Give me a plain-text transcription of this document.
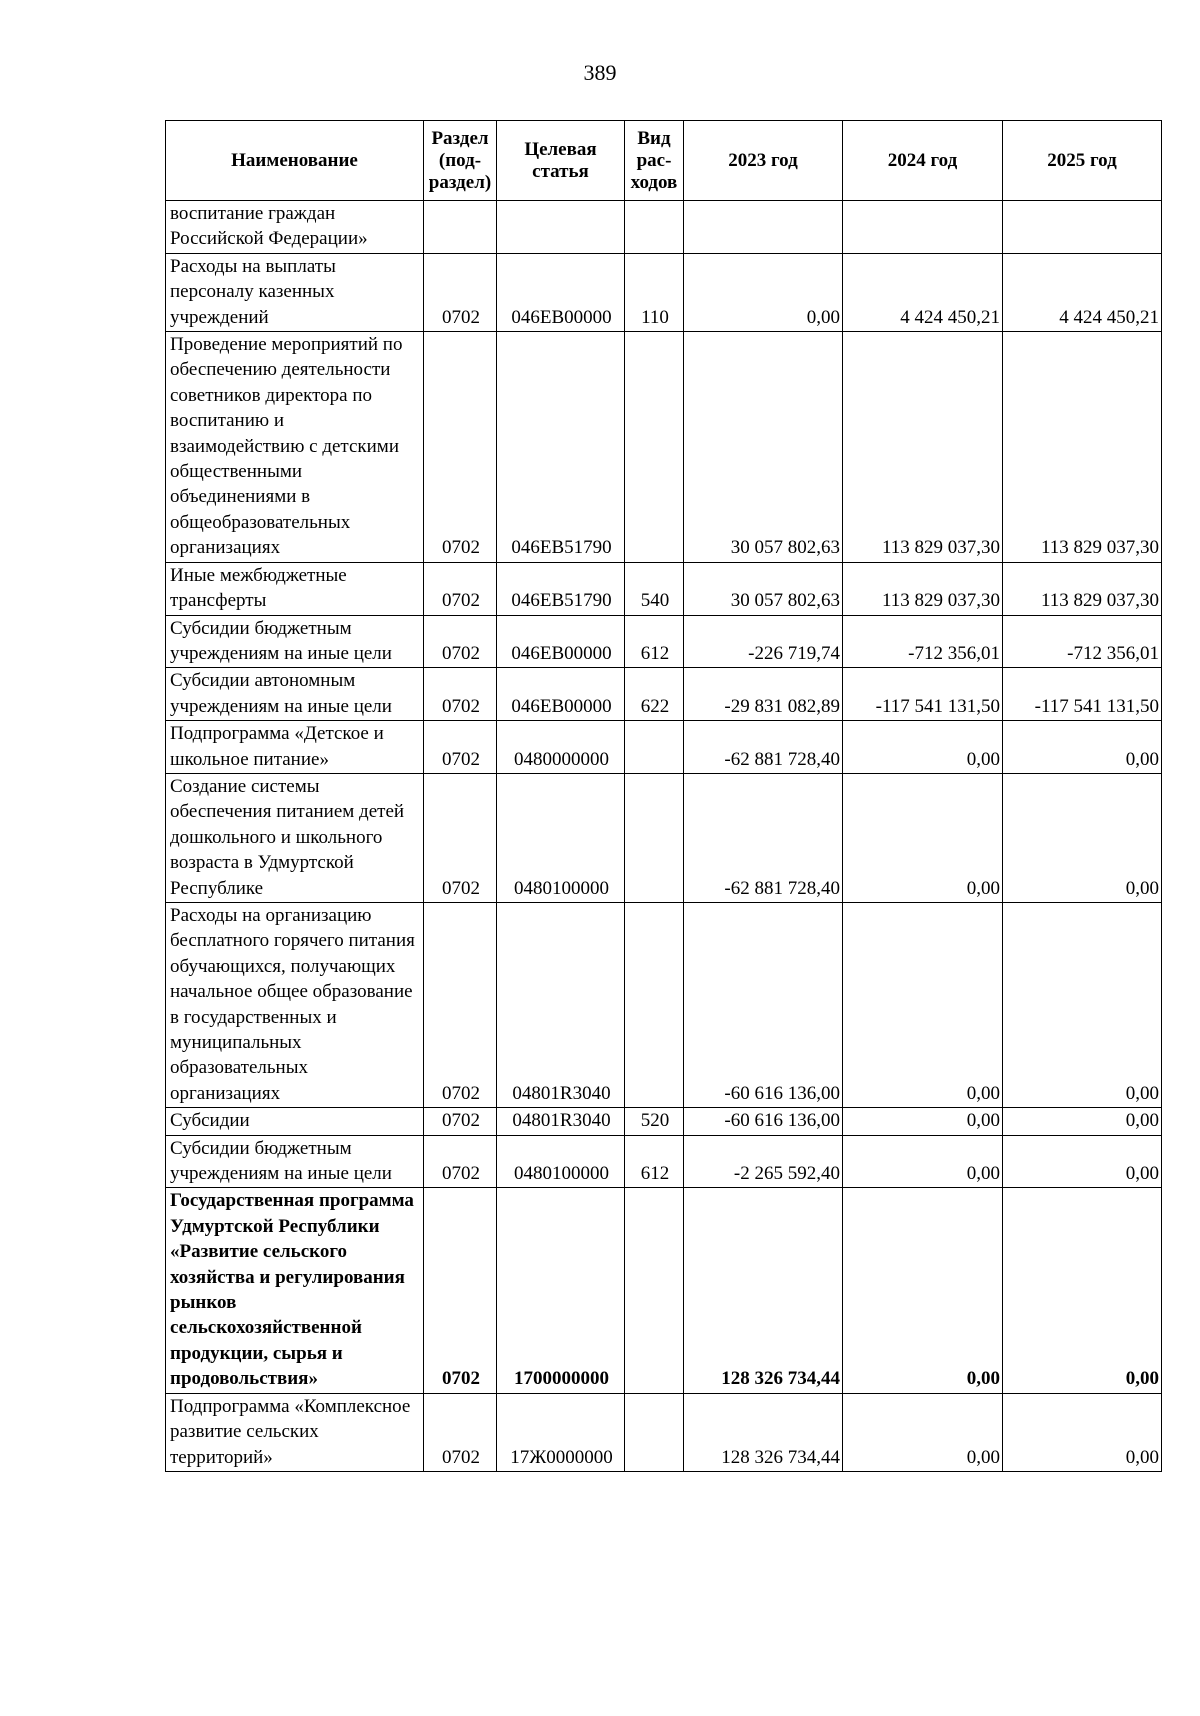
389
Наименование	Раздел (под-раздел)	Целевая статья	Вид рас-ходов	2023 год	2024 год	2025 год
воспитание граждан Российской Федерации»						
Расходы на выплаты персоналу казенных учреждений	0702	046EB00000	110	0,00	4 424 450,21	4 424 450,21
Проведение мероприятий по обеспечению деятельности советников директора по воспитанию и взаимодействию с детскими общественными объединениями в общеобразовательных организациях	0702	046EB51790		30 057 802,63	113 829 037,30	113 829 037,30
Иные межбюджетные трансферты	0702	046EB51790	540	30 057 802,63	113 829 037,30	113 829 037,30
Субсидии бюджетным учреждениям на иные цели	0702	046EB00000	612	-226 719,74	-712 356,01	-712 356,01
Субсидии автономным учреждениям на иные цели	0702	046EB00000	622	-29 831 082,89	-117 541 131,50	-117 541 131,50
Подпрограмма «Детское и школьное питание»	0702	0480000000		-62 881 728,40	0,00	0,00
Создание системы обеспечения питанием детей дошкольного и школьного возраста в Удмуртской Республике	0702	0480100000		-62 881 728,40	0,00	0,00
Расходы на организацию бесплатного горячего питания обучающихся, получающих начальное общее образование в государственных и муниципальных образовательных организациях	0702	04801R3040		-60 616 136,00	0,00	0,00
Субсидии	0702	04801R3040	520	-60 616 136,00	0,00	0,00
Субсидии бюджетным учреждениям на иные цели	0702	0480100000	612	-2 265 592,40	0,00	0,00
Государственная программа Удмуртской Республики «Развитие сельского хозяйства и регулирования рынков сельскохозяйственной продукции, сырья и продовольствия»	0702	1700000000		128 326 734,44	0,00	0,00
Подпрограмма «Комплексное развитие сельских территорий»	0702	17Ж0000000		128 326 734,44	0,00	0,00
